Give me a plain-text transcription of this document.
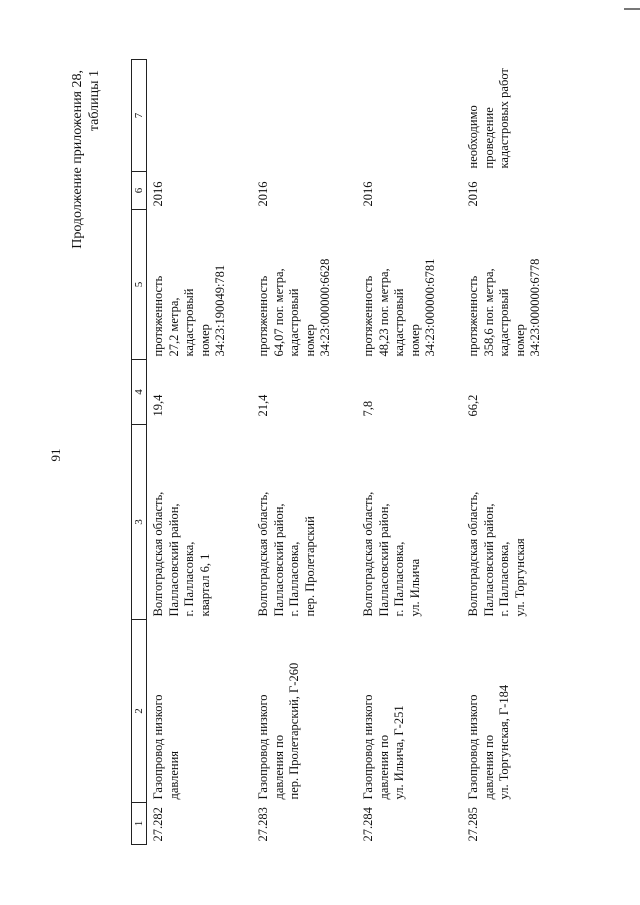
91
Продолжение приложения 28,
таблицы 1
1	2	3	4	5	6	7
27.282	Газопровод низкого
давления	Волгоградская область,
Палласовский район,
г. Палласовка,
квартал 6, 1	19,4	протяженность
27,2 метра,
кадастровый
номер
34:23:190049:781	2016	
27.283	Газопровод низкого
давления по
пер. Пролетарский, Г-260	Волгоградская область,
Палласовский район,
г. Палласовка,
пер. Пролетарский	21,4	протяженность
64,07 пог. метра,
кадастровый
номер
34:23:000000:6628	2016	
27.284	Газопровод низкого
давления по
ул. Ильича, Г-251	Волгоградская область,
Палласовский район,
г. Палласовка,
ул. Ильича	7,8	протяженность
48,23 пог. метра,
кадастровый
номер
34:23:000000:6781	2016	
27.285	Газопровод низкого
давления по
ул. Торгунская, Г-184	Волгоградская область,
Палласовский район,
г. Палласовка,
ул. Торгунская	66,2	протяженность
358,6 пог. метра,
кадастровый
номер
34:23:000000:6778	2016	необходимо
проведение
кадастровых работ
